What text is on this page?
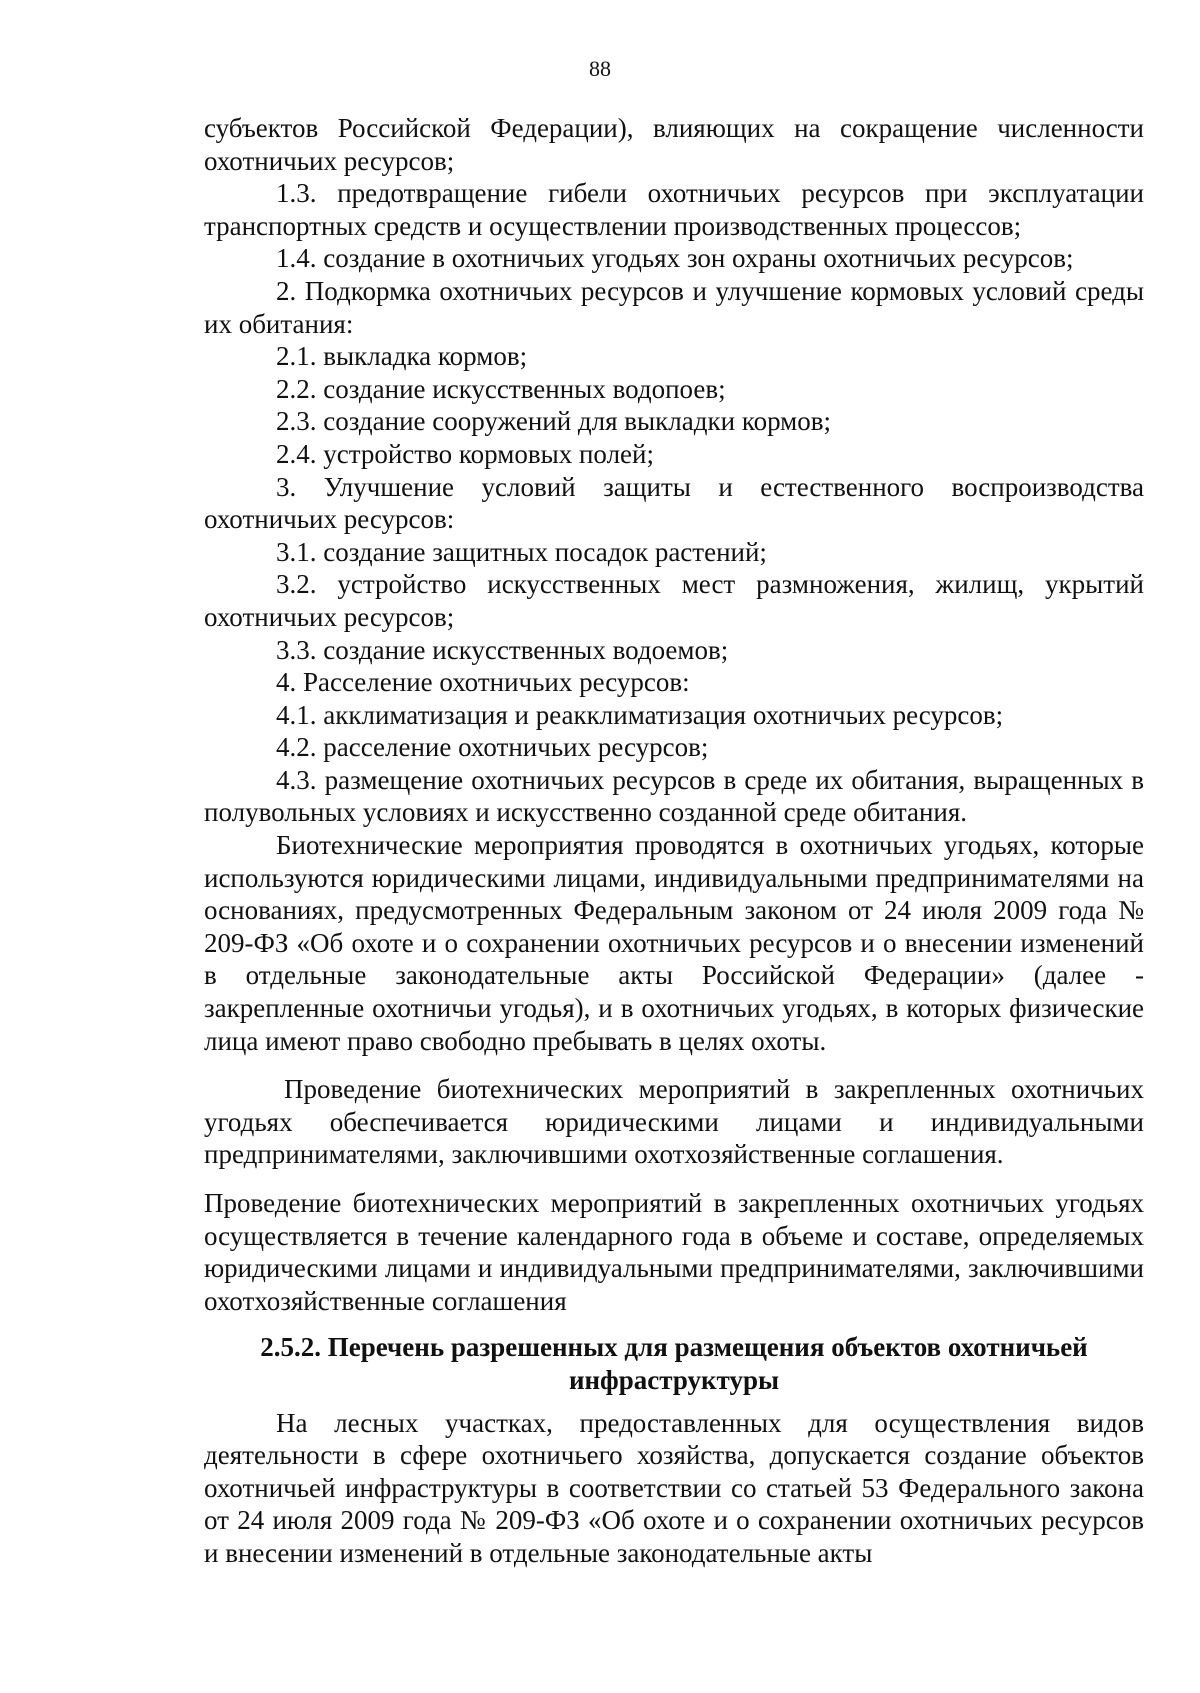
88

субъектов Российской Федерации), влияющих на сокращение численности охотничьих ресурсов;

1.3. предотвращение гибели охотничьих ресурсов при эксплуатации транспортных средств и осуществлении производственных процессов;

1.4. создание в охотничьих угодьях зон охраны охотничьих ресурсов;

2. Подкормка охотничьих ресурсов и улучшение кормовых условий среды их обитания:

2.1. выкладка кормов;

2.2. создание искусственных водопоев;

2.3. создание сооружений для выкладки кормов;

2.4. устройство кормовых полей;

3. Улучшение условий защиты и естественного воспроизводства охотничьих ресурсов:

3.1. создание защитных посадок растений;

3.2. устройство искусственных мест размножения, жилищ, укрытий охотничьих ресурсов;

3.3. создание искусственных водоемов;

4. Расселение охотничьих ресурсов:

4.1. акклиматизация и реакклиматизация охотничьих ресурсов;

4.2. расселение охотничьих ресурсов;

4.3. размещение охотничьих ресурсов в среде их обитания, выращенных в полувольных условиях и искусственно созданной среде обитания.

Биотехнические мероприятия проводятся в охотничьих угодьях, которые используются юридическими лицами, индивидуальными предпринимателями на основаниях, предусмотренных Федеральным законом от 24 июля 2009 года № 209-ФЗ «Об охоте и о сохранении охотничьих ресурсов и о внесении изменений в отдельные законодательные акты Российской Федерации» (далее - закрепленные охотничьи угодья), и в охотничьих угодьях, в которых физические лица имеют право свободно пребывать в целях охоты.

Проведение биотехнических мероприятий в закрепленных охотничьих угодьях обеспечивается юридическими лицами и индивидуальными предпринимателями, заключившими охотхозяйственные соглашения.

Проведение биотехнических мероприятий в закрепленных охотничьих угодьях осуществляется в течение календарного года в объеме и составе, определяемых юридическими лицами и индивидуальными предпринимателями, заключившими охотхозяйственные соглашения

2.5.2. Перечень разрешенных для размещения объектов охотничьей инфраструктуры

На лесных участках, предоставленных для осуществления видов деятельности в сфере охотничьего хозяйства, допускается создание объектов охотничьей инфраструктуры в соответствии со статьей 53 Федерального закона от 24 июля 2009 года № 209-ФЗ «Об охоте и о сохранении охотничьих ресурсов и внесении изменений в отдельные законодательные акты
